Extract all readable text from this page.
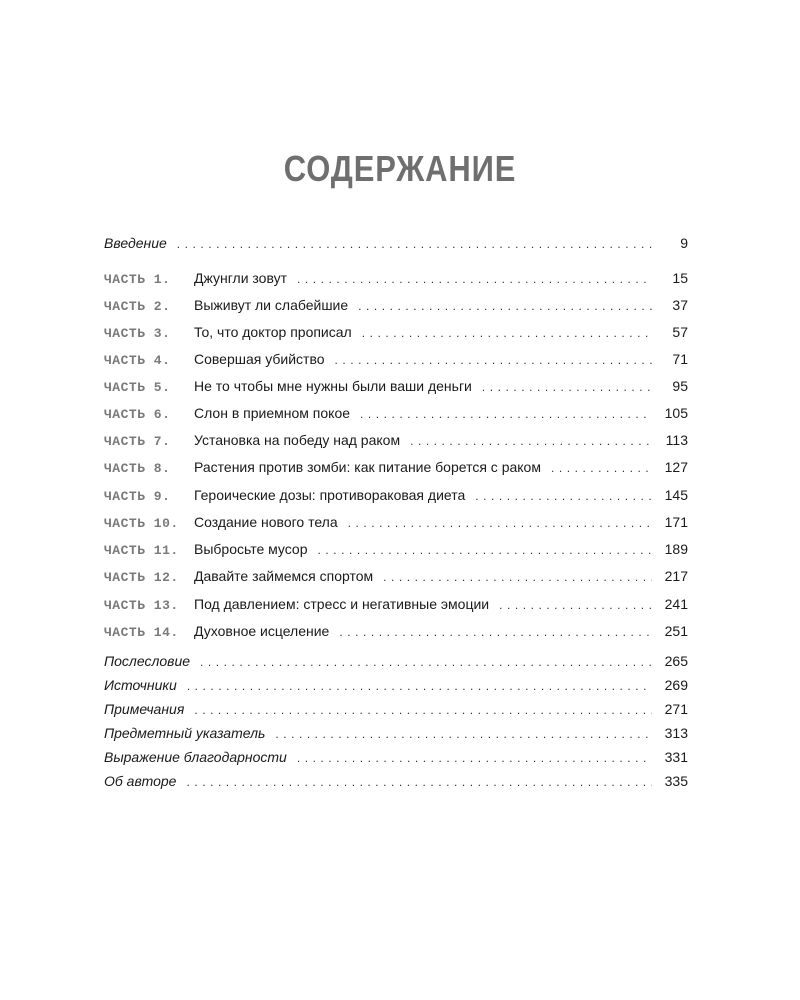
СОДЕРЖАНИЕ
Введение . . .	9
ЧАСТЬ 1.	Джунгли зовут . . .	15
ЧАСТЬ 2.	Выживут ли слабейшие . . .	37
ЧАСТЬ 3.	То, что доктор прописал . . .	57
ЧАСТЬ 4.	Совершая убийство . . .	71
ЧАСТЬ 5.	Не то чтобы мне нужны были ваши деньги . . .	95
ЧАСТЬ 6.	Слон в приемном покое . . .	105
ЧАСТЬ 7.	Установка на победу над раком . . .	113
ЧАСТЬ 8.	Растения против зомби: как питание борется с раком . . .	127
ЧАСТЬ 9.	Героические дозы: противораковая диета . . .	145
ЧАСТЬ 10.	Создание нового тела . . .	171
ЧАСТЬ 11.	Выбросьте мусор . . .	189
ЧАСТЬ 12.	Давайте займемся спортом . . .	217
ЧАСТЬ 13.	Под давлением: стресс и негативные эмоции . . .	241
ЧАСТЬ 14.	Духовное исцеление . . .	251
Послесловие . . .	265
Источники . . .	269
Примечания . . .	271
Предметный указатель . . .	313
Выражение благодарности . . .	331
Об авторе . . .	335
